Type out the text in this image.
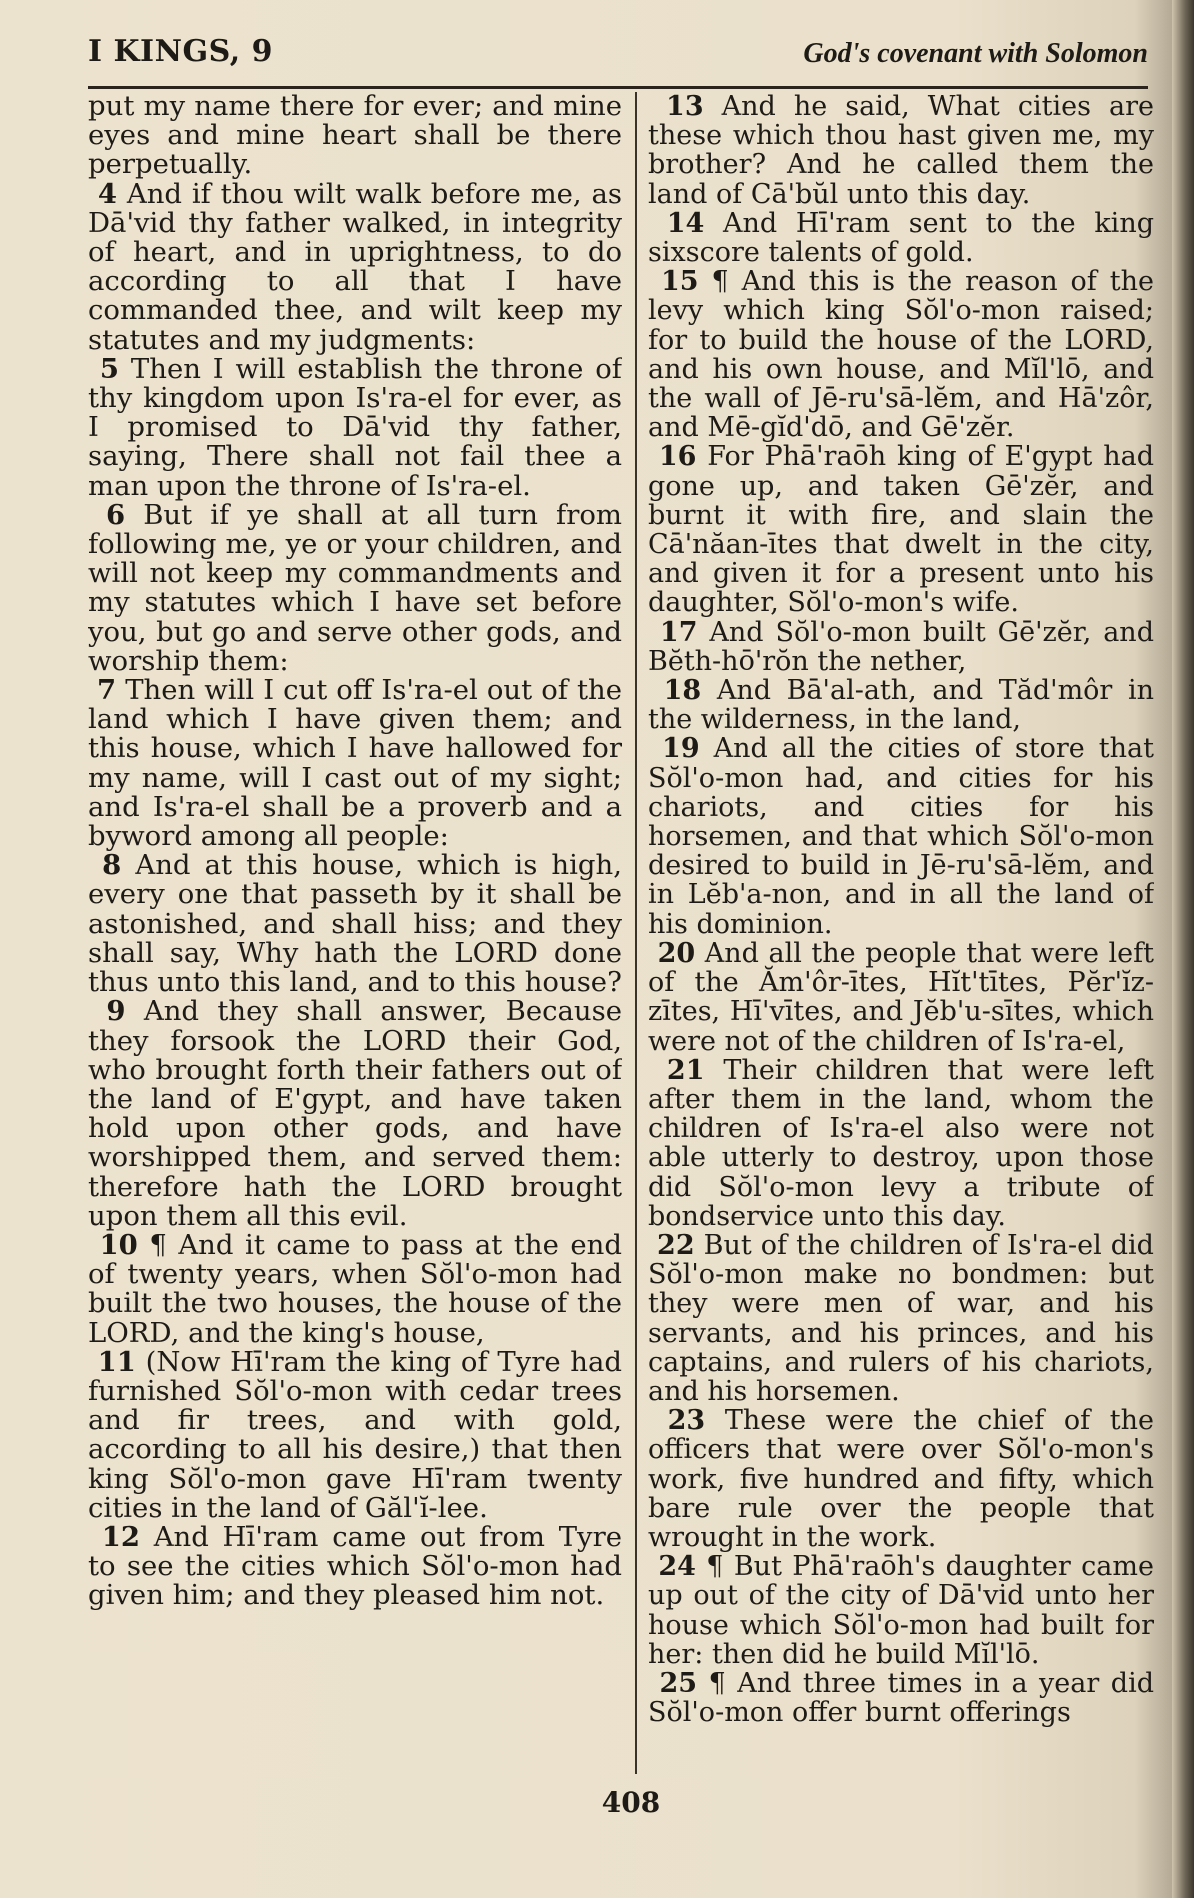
I KINGS, 9	God's covenant with Solomon

put my name there for ever; and mine eyes and mine heart shall be there perpetually.

4 And if thou wilt walk before me, as Dā'vid thy father walked, in integrity of heart, and in uprightness, to do according to all that I have commanded thee, and wilt keep my statutes and my judgments:

5 Then I will establish the throne of thy kingdom upon Is'ra-el for ever, as I promised to Dā'vid thy father, saying, There shall not fail thee a man upon the throne of Is'ra-el.

6 But if ye shall at all turn from following me, ye or your children, and will not keep my commandments and my statutes which I have set before you, but go and serve other gods, and worship them:

7 Then will I cut off Is'ra-el out of the land which I have given them; and this house, which I have hallowed for my name, will I cast out of my sight; and Is'ra-el shall be a proverb and a byword among all people:

8 And at this house, which is high, every one that passeth by it shall be astonished, and shall hiss; and they shall say, Why hath the LORD done thus unto this land, and to this house?

9 And they shall answer, Because they forsook the LORD their God, who brought forth their fathers out of the land of E'gypt, and have taken hold upon other gods, and have worshipped them, and served them: therefore hath the LORD brought upon them all this evil.

10 ¶ And it came to pass at the end of twenty years, when Sŏl'o-mon had built the two houses, the house of the LORD, and the king's house,

11 (Now Hī'ram the king of Tyre had furnished Sŏl'o-mon with cedar trees and fir trees, and with gold, according to all his desire,) that then king Sŏl'o-mon gave Hī'ram twenty cities in the land of Găl'ĭ-lee.

12 And Hī'ram came out from Tyre to see the cities which Sŏl'o-mon had given him; and they pleased him not.

13 And he said, What cities are these which thou hast given me, my brother? And he called them the land of Cā'bŭl unto this day.

14 And Hī'ram sent to the king sixscore talents of gold.

15 ¶ And this is the reason of the levy which king Sŏl'o-mon raised; for to build the house of the LORD, and his own house, and Mĭl'lō, and the wall of Jē-ru'sā-lĕm, and Hā'zôr, and Mē-gĭd'dō, and Gē'zĕr.

16 For Phā'raōh king of E'gypt had gone up, and taken Gē'zĕr, and burnt it with fire, and slain the Cā'năan-ītes that dwelt in the city, and given it for a present unto his daughter, Sŏl'o-mon's wife.

17 And Sŏl'o-mon built Gē'zĕr, and Bĕth-hō'rŏn the nether,

18 And Bā'al-ath, and Tăd'môr in the wilderness, in the land,

19 And all the cities of store that Sŏl'o-mon had, and cities for his chariots, and cities for his horsemen, and that which Sŏl'o-mon desired to build in Jē-ru'sā-lĕm, and in Lĕb'a-non, and in all the land of his dominion.

20 And all the people that were left of the Ăm'ôr-ītes, Hĭt'tītes, Pĕr'ĭz-zītes, Hī'vītes, and Jĕb'u-sītes, which were not of the children of Is'ra-el,

21 Their children that were left after them in the land, whom the children of Is'ra-el also were not able utterly to destroy, upon those did Sŏl'o-mon levy a tribute of bondservice unto this day.

22 But of the children of Is'ra-el did Sŏl'o-mon make no bondmen: but they were men of war, and his servants, and his princes, and his captains, and rulers of his chariots, and his horsemen.

23 These were the chief of the officers that were over Sŏl'o-mon's work, five hundred and fifty, which bare rule over the people that wrought in the work.

24 ¶ But Phā'raōh's daughter came up out of the city of Dā'vid unto her house which Sŏl'o-mon had built for her: then did he build Mĭl'lō.

25 ¶ And three times in a year did Sŏl'o-mon offer burnt offerings

408
